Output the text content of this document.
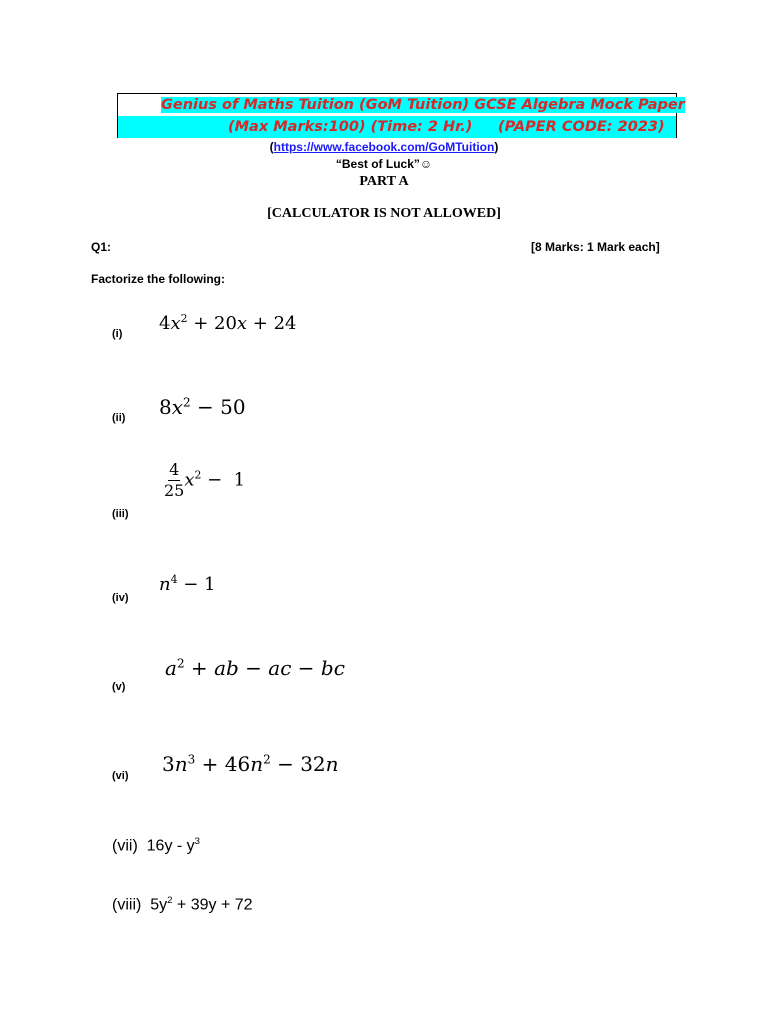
Genius of Maths Tuition (GoM Tuition) GCSE Algebra Mock Paper
(Max Marks:100) (Time: 2 Hr.) (PAPER CODE: 2023)
(https://www.facebook.com/GoMTuition)
“Best of Luck”☺
PART A
[CALCULATOR IS NOT ALLOWED]
Q1:	[8 Marks: 1 Mark each]
Factorize the following:
(i) $4x^2 + 20x + 24$
(ii) $8x^2 - 50$
(iii)
$\frac{4}{25} x^2 - 1$
(iv)
$n^4 - 1$
(v)
$a^2$ + ab − ac − bc
(vi) $3n^3 + 46n^2 - 32n$
(vii) $16y - y^3$
(viii) $5y^2 + 39y + 72$
